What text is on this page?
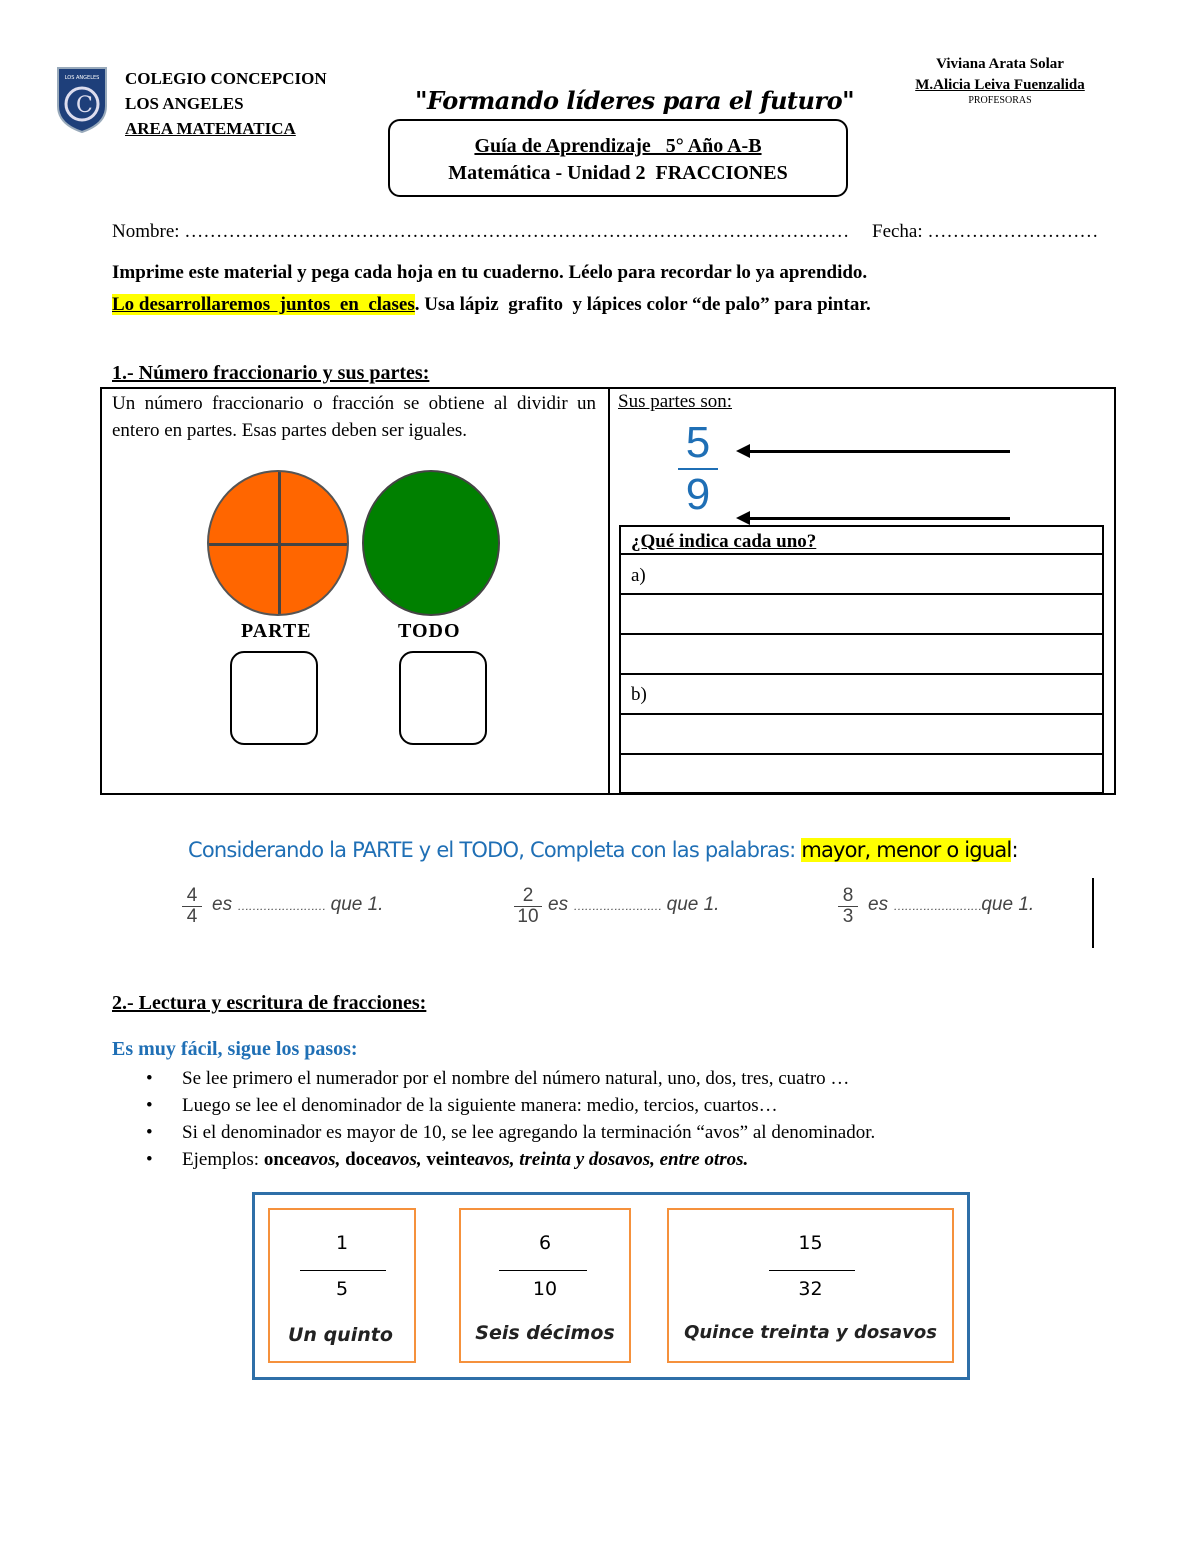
LOS ANGELES
C
COLEGIO CONCEPCION
LOS ANGELES
AREA MATEMATICA
"Formando líderes para el futuro"
Viviana Arata Solar
M.Alicia Leiva Fuenzalida
PROFESORAS
Guía de Aprendizaje   5° Año A-B
Matemática - Unidad 2  FRACCIONES
Nombre: …………………………………………………………………………………………… Fecha: ………………………
Imprime este material y pega cada hoja en tu cuaderno. Léelo para recordar lo ya aprendido.
Lo desarrollaremos  juntos  en  clases. Usa lápiz  grafito  y lápices color “de palo” para pintar.
1.- Número fraccionario y sus partes:
Un número fraccionario o fracción se obtiene al dividir un entero en partes. Esas partes deben ser iguales.
PARTE	TODO
Sus partes son:
5
9
¿Qué indica cada uno?
a)
b)
Considerando la PARTE y el TODO, Completa con las palabras: mayor, menor o igual:
4
4
es …………………… que 1.	2
10
es …………………… que 1.	8
3
es ……………………que 1.
2.- Lectura y escritura de fracciones:
Es muy fácil, sigue los pasos:
• Se lee primero el numerador por el nombre del número natural, uno, dos, tres, cuatro …
• Luego se lee el denominador de la siguiente manera: medio, tercios, cuartos…
• Si el denominador es mayor de 10, se lee agregando la terminación “avos” al denominador.
• Ejemplos: onceavos, doceavos, veinteavos, treinta y dosavos, entre otros.
1
5
Un quinto
6
10
Seis décimos
15
32
Quince treinta y dosavos
